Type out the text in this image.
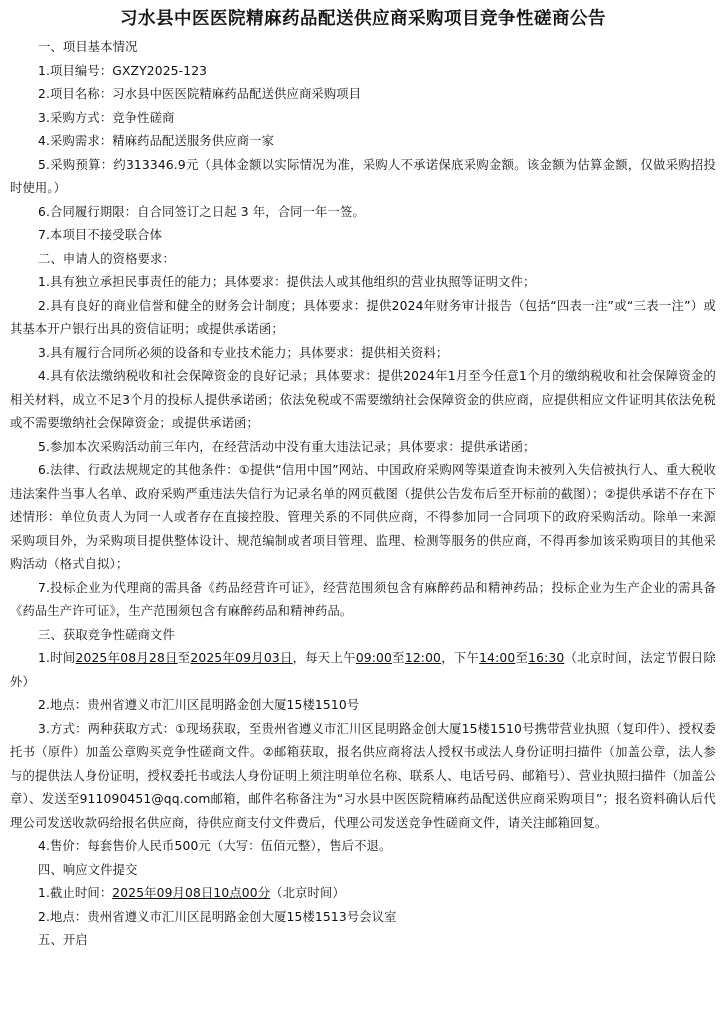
习水县中医医院精麻药品配送供应商采购项目竞争性磋商公告

一、项目基本情况

1.项目编号：GXZY2025-123

2.项目名称：习水县中医医院精麻药品配送供应商采购项目

3.采购方式：竞争性磋商

4.采购需求：精麻药品配送服务供应商一家

5.采购预算：约313346.9元（具体金额以实际情况为准，采购人不承诺保底采购金额。该金额为估算金额，仅做采购招投时使用。）

6.合同履行期限：自合同签订之日起 3 年，合同一年一签。

7.本项目不接受联合体

二、申请人的资格要求：

1.具有独立承担民事责任的能力；具体要求：提供法人或其他组织的营业执照等证明文件；

2.具有良好的商业信誉和健全的财务会计制度；具体要求：提供2024年财务审计报告（包括“四表一注”或“三表一注”）或其基本开户银行出具的资信证明；或提供承诺函；

3.具有履行合同所必须的设备和专业技术能力；具体要求：提供相关资料；

4.具有依法缴纳税收和社会保障资金的良好记录；具体要求：提供2024年1月至今任意1个月的缴纳税收和社会保障资金的相关材料，成立不足3个月的投标人提供承诺函；依法免税或不需要缴纳社会保障资金的供应商，应提供相应文件证明其依法免税或不需要缴纳社会保障资金；或提供承诺函；

5.参加本次采购活动前三年内，在经营活动中没有重大违法记录；具体要求：提供承诺函；

6.法律、行政法规规定的其他条件：①提供“信用中国”网站、中国政府采购网等渠道查询未被列入失信被执行人、重大税收违法案件当事人名单、政府采购严重违法失信行为记录名单的网页截图（提供公告发布后至开标前的截图）；②提供承诺不存在下述情形：单位负责人为同一人或者存在直接控股、管理关系的不同供应商，不得参加同一合同项下的政府采购活动。除单一来源采购项目外，为采购项目提供整体设计、规范编制或者项目管理、监理、检测等服务的供应商，不得再参加该采购项目的其他采购活动（格式自拟）；

7.投标企业为代理商的需具备《药品经营许可证》，经营范围须包含有麻醉药品和精神药品；投标企业为生产企业的需具备《药品生产许可证》，生产范围须包含有麻醉药品和精神药品。

三、获取竞争性磋商文件

1.时间2025年08月28日至2025年09月03日，每天上午09:00至12:00，下午14:00至16:30（北京时间，法定节假日除外）

2.地点：贵州省遵义市汇川区昆明路金创大厦15楼1510号

3.方式：两种获取方式：①现场获取，至贵州省遵义市汇川区昆明路金创大厦15楼1510号携带营业执照（复印件）、授权委托书（原件）加盖公章购买竞争性磋商文件。②邮箱获取，报名供应商将法人授权书或法人身份证明扫描件（加盖公章，法人参与的提供法人身份证明，授权委托书或法人身份证明上须注明单位名称、联系人、电话号码、邮箱号）、营业执照扫描件（加盖公章）、发送至911090451@qq.com邮箱，邮件名称备注为“习水县中医医院精麻药品配送供应商采购项目”；报名资料确认后代理公司发送收款码给报名供应商，待供应商支付文件费后，代理公司发送竞争性磋商文件，请关注邮箱回复。

4.售价：每套售价人民币500元（大写：伍佰元整），售后不退。

四、响应文件提交

1.截止时间：2025年09月08日10点00分（北京时间）

2.地点：贵州省遵义市汇川区昆明路金创大厦15楼1513号会议室

五、开启
